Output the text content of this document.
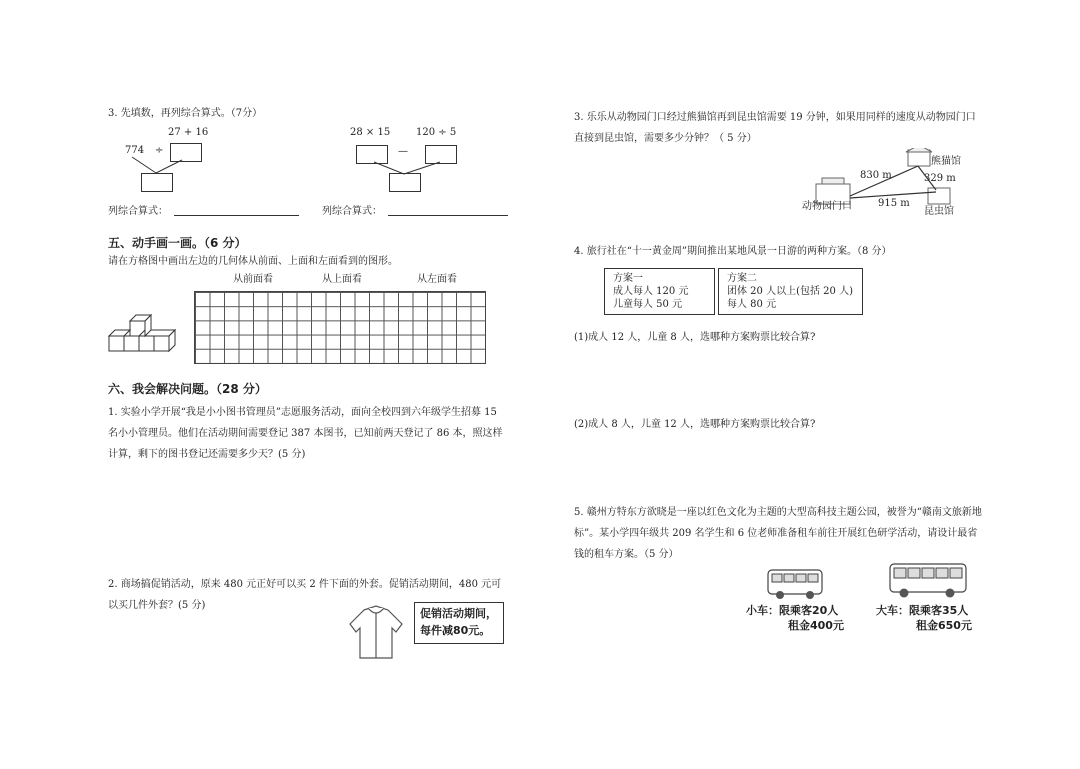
3. 先填数，再列综合算式。（7分）
27 + 16
774 ÷
28 × 15	120 ÷ 5
—
列综合算式：	列综合算式：
五、动手画一画。（6 分）
请在方格图中画出左边的几何体从前面、上面和左面看到的图形。
从前面看	从上面看	从左面看
六、我会解决问题。（28 分）
1. 实验小学开展“我是小小图书管理员”志愿服务活动，面向全校四到六年级学生招募 15 名小小管理员。他们在活动期间需要登记 387 本图书，已知前两天登记了 86 本，照这样计算，剩下的图书登记还需要多少天？(5 分)
2. 商场搞促销活动，原来 480 元正好可以买 2 件下面的外套。促销活动期间，480 元可以买几件外套？(5 分)
促销活动期间，
每件减80元。
3. 乐乐从动物园门口经过熊猫馆再到昆虫馆需要 19 分钟，如果用同样的速度从动物园门口直接到昆虫馆，需要多少分钟？（ 5 分）
830 m	329 m
915 m
熊猫馆
动物园门口	昆虫馆
4. 旅行社在“十一黄金周”期间推出某地风景一日游的两种方案。（8 分）
方案一
成人每人 120 元
儿童每人 50 元
方案二
团体 20 人以上(包括 20 人)
每人 80 元
(1)成人 12 人，儿童 8 人，选哪种方案购票比较合算?
(2)成人 8 人，儿童 12 人，选哪种方案购票比较合算?
5. 赣州方特东方欲晓是一座以红色文化为主题的大型高科技主题公园，被誉为“赣南文旅新地标”。某小学四年级共 209 名学生和 6 位老师准备租车前往开展红色研学活动，请设计最省钱的租车方案。（5 分）
小车：限乘客20人
租金400元
大车：限乘客35人
租金650元
